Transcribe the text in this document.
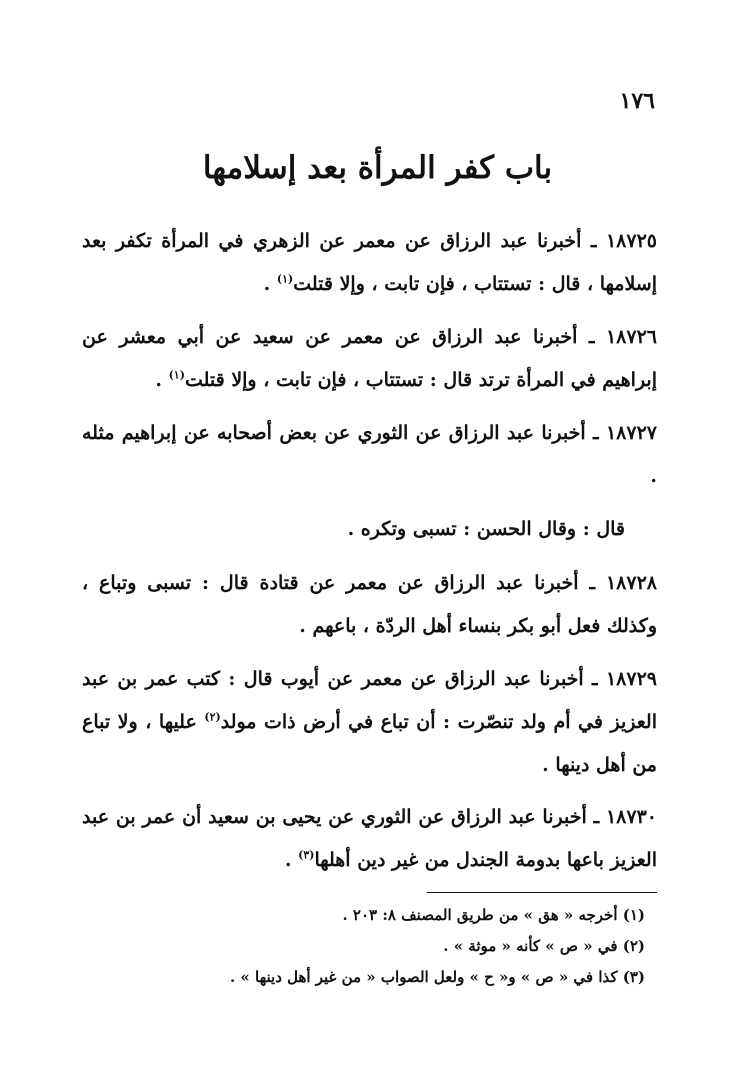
١٧٦
باب كفر المرأة بعد إسلامها
١٨٧٢٥ ـ أخبرنا عبد الرزاق عن معمر عن الزهري في المرأة تكفر بعد إسلامها ، قال : تستتاب ، فإن تابت ، وإلا قتلت$^{(١)}$ .
١٨٧٢٦ ـ أخبرنا عبد الرزاق عن معمر عن سعيد عن أبي معشر عن إبراهيم في المرأة ترتد قال : تستتاب ، فإن تابت ، وإلا قتلت$^{(١)}$ .
١٨٧٢٧ ـ أخبرنا عبد الرزاق عن الثوري عن بعض أصحابه عن إبراهيم مثله .
قال : وقال الحسن : تسبى وتكره .
١٨٧٢٨ ـ أخبرنا عبد الرزاق عن معمر عن قتادة قال : تسبى وتباع ، وكذلك فعل أبو بكر بنساء أهل الردّة ، باعهم .
١٨٧٢٩ ـ أخبرنا عبد الرزاق عن معمر عن أيوب قال : كتب عمر بن عبد العزيز في أم ولد تنصّرت : أن تباع في أرض ذات مولد$^{(٢)}$ عليها ، ولا تباع من أهل دينها .
١٨٧٣٠ ـ أخبرنا عبد الرزاق عن الثوري عن يحيى بن سعيد أن عمر بن عبد العزيز باعها بدومة الجندل من غير دين أهلها$^{(٣)}$ .
(١) أخرجه « هق » من طريق المصنف ٨: ٢٠٣ .
(٢) في « ص » كأنه « موثة » .
(٣) كذا في « ص » و« ح » ولعل الصواب « من غير أهل دينها » .
